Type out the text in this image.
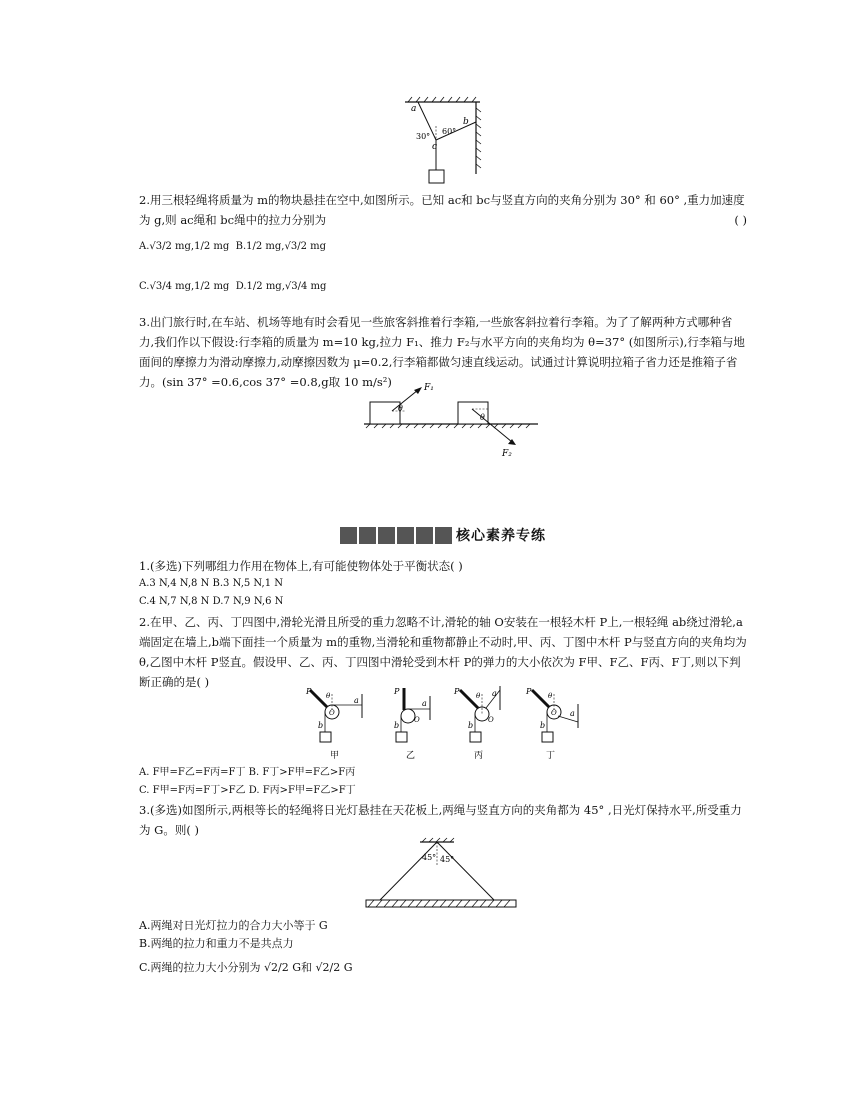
a
b
c
30°
60°
2.用三根轻绳将质量为 m的物块悬挂在空中,如图所示。已知 ac和 bc与竖直方向的夹角分别为 30° 和 60° ,重力加速度为 g,则 ac绳和 bc绳中的拉力分别为	( )
A.√3/2 mg,1/2 mg B.1/2 mg,√3/2 mg
C.√3/4 mg,1/2 mg D.1/2 mg,√3/4 mg
3.出门旅行时,在车站、机场等地有时会看见一些旅客斜推着行李箱,一些旅客斜拉着行李箱。为了了解两种方式哪种省力,我们作以下假设:行李箱的质量为 m=10 kg,拉力 F₁、推力 F₂与水平方向的夹角均为 θ=37° (如图所示),行李箱与地面间的摩擦力为滑动摩擦力,动摩擦因数为 μ=0.2,行李箱都做匀速直线运动。试通过计算说明拉箱子省力还是推箱子省力。(sin 37° =0.6,cos 37° =0.8,g取 10 m/s²)	F₁
F₂
θ
θ
核心素养专练
1.(多选)下列哪组力作用在物体上,有可能使物体处于平衡状态( )
A.3 N,4 N,8 N B.3 N,5 N,1 N
C.4 N,7 N,8 N D.7 N,9 N,6 N
2.在甲、乙、丙、丁四图中,滑轮光滑且所受的重力忽略不计,滑轮的轴 O安装在一根轻木杆 P上,一根轻绳 ab绕过滑轮,a端固定在墙上,b端下面挂一个质量为 m的重物,当滑轮和重物都静止不动时,甲、丙、丁图中木杆 P与竖直方向的夹角均为 θ,乙图中木杆 P竖直。假设甲、乙、丙、丁四图中滑轮受到木杆 P的弹力的大小依次为 F甲、F乙、F丙、F丁,则以下判断正确的是( )
P
O
a
b
θ
甲
P
O
a
b
乙
P
O
a
b
θ
丙
P
O a
b
θ
丁
A. F甲=F乙=F丙=F丁 B. F丁>F甲=F乙>F丙
C. F甲=F丙=F丁>F乙 D. F丙>F甲=F乙>F丁
3.(多选)如图所示,两根等长的轻绳将日光灯悬挂在天花板上,两绳与竖直方向的夹角都为 45° ,日光灯保持水平,所受重力为 G。则( )
45° 45°
A.两绳对日光灯拉力的合力大小等于 G
B.两绳的拉力和重力不是共点力
C.两绳的拉力大小分别为 √2/2 G和 √2/2 G
